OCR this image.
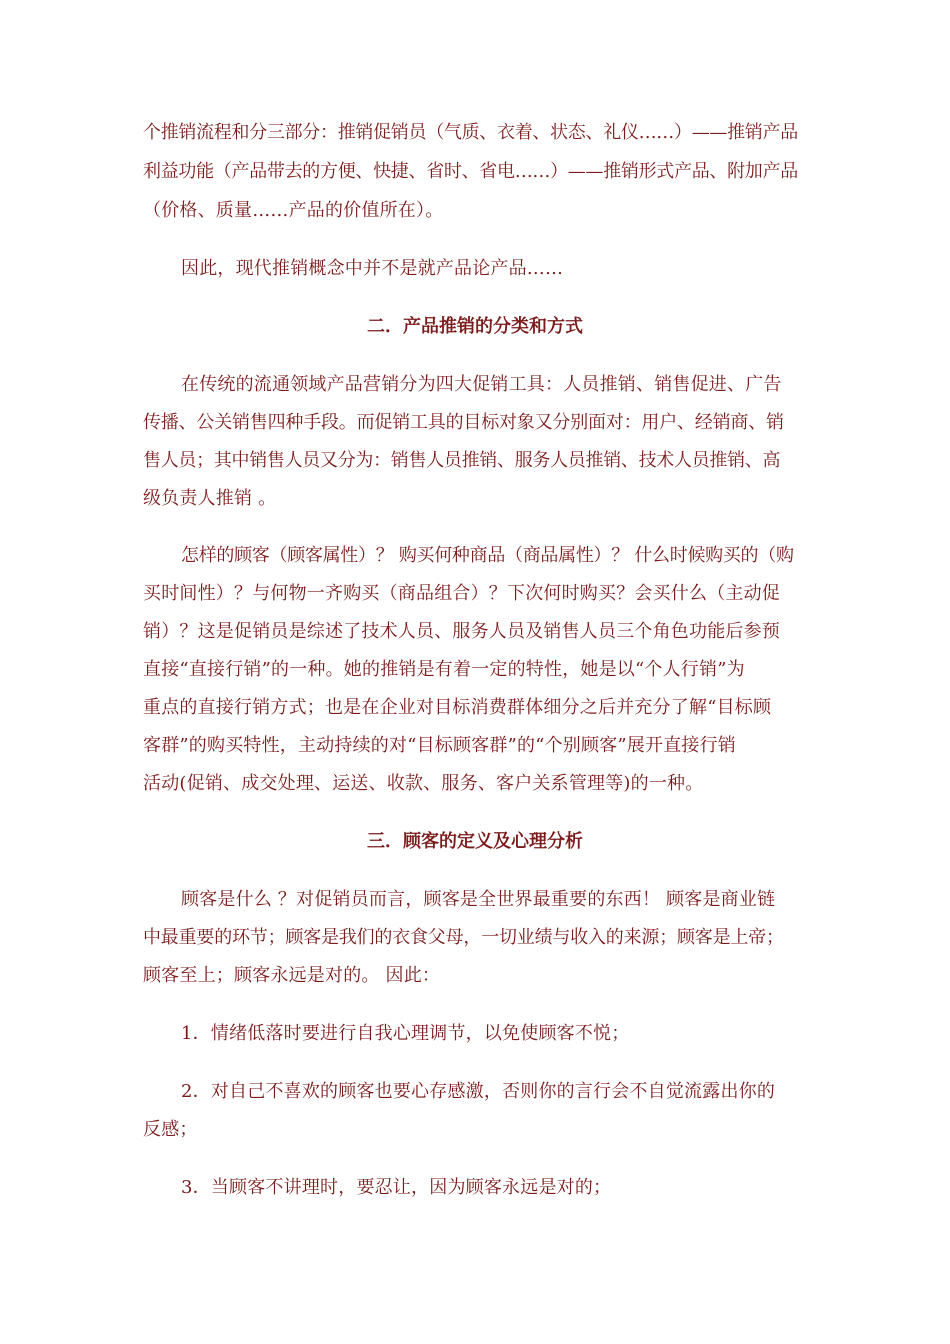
个推销流程和分三部分：推销促销员（气质、衣着、状态、礼仪……）——推销产品
利益功能（产品带去的方便、快捷、省时、省电……）——推销形式产品、附加产品
（价格、质量……产品的价值所在）。
因此，现代推销概念中并不是就产品论产品……
二．产品推销的分类和方式
在传统的流通领域产品营销分为四大促销工具：人员推销、销售促进、广告
传播、公关销售四种手段。而促销工具的目标对象又分别面对：用户、经销商、销
售人员；其中销售人员又分为：销售人员推销、服务人员推销、技术人员推销、高
级负责人推销 。
怎样的顾客（顾客属性）？ 购买何种商品（商品属性）？ 什么时候购买的（购
买时间性）？与何物一齐购买（商品组合）？下次何时购买？会买什么（主动促
销）？这是促销员是综述了技术人员、服务人员及销售人员三个角色功能后参预
直接“直接行销”的一种。她的推销是有着一定的特性，她是以“个人行销”为
重点的直接行销方式；也是在企业对目标消费群体细分之后并充分了解“目标顾
客群”的购买特性，主动持续的对“目标顾客群”的“个别顾客”展开直接行销
活动(促销、成交处理、运送、收款、服务、客户关系管理等)的一种。
三．顾客的定义及心理分析
顾客是什么 ？对促销员而言，顾客是全世界最重要的东西！ 顾客是商业链
中最重要的环节；顾客是我们的衣食父母，一切业绩与收入的来源；顾客是上帝；
顾客至上；顾客永远是对的。 因此：
1．情绪低落时要进行自我心理调节，以免使顾客不悦；
2．对自己不喜欢的顾客也要心存感激，否则你的言行会不自觉流露出你的
反感；
3．当顾客不讲理时，要忍让，因为顾客永远是对的；
